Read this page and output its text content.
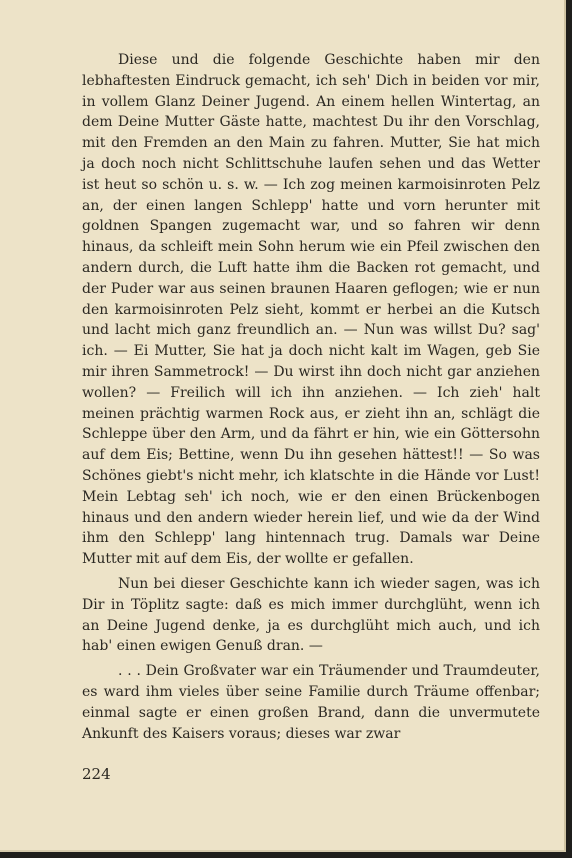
Diese und die folgende Geschichte haben mir den lebhaftesten Eindruck gemacht, ich seh' Dich in beiden vor mir, in vollem Glanz Deiner Jugend. An einem hellen Wintertag, an dem Deine Mutter Gäste hatte, machtest Du ihr den Vorschlag, mit den Fremden an den Main zu fahren. Mutter, Sie hat mich ja doch noch nicht Schlittschuhe laufen sehen und das Wetter ist heut so schön u. s. w. — Ich zog meinen karmoisinroten Pelz an, der einen langen Schlepp' hatte und vorn herunter mit goldnen Spangen zugemacht war, und so fahren wir denn hinaus, da schleift mein Sohn herum wie ein Pfeil zwischen den andern durch, die Luft hatte ihm die Backen rot gemacht, und der Puder war aus seinen braunen Haaren geflogen; wie er nun den karmoisinroten Pelz sieht, kommt er herbei an die Kutsch und lacht mich ganz freundlich an. — Nun was willst Du? sag' ich. — Ei Mutter, Sie hat ja doch nicht kalt im Wagen, geb Sie mir ihren Sammetrock! — Du wirst ihn doch nicht gar anziehen wollen? — Freilich will ich ihn anziehen. — Ich zieh' halt meinen prächtig warmen Rock aus, er zieht ihn an, schlägt die Schleppe über den Arm, und da fährt er hin, wie ein Göttersohn auf dem Eis; Bettine, wenn Du ihn gesehen hättest!! — So was Schönes giebt's nicht mehr, ich klatschte in die Hände vor Lust! Mein Lebtag seh' ich noch, wie er den einen Brückenbogen hinaus und den andern wieder herein lief, und wie da der Wind ihm den Schlepp' lang hintennach trug. Damals war Deine Mutter mit auf dem Eis, der wollte er gefallen.

Nun bei dieser Geschichte kann ich wieder sagen, was ich Dir in Töplitz sagte: daß es mich immer durchglüht, wenn ich an Deine Jugend denke, ja es durchglüht mich auch, und ich hab' einen ewigen Genuß dran. —

. . . Dein Großvater war ein Träumender und Traumdeuter, es ward ihm vieles über seine Familie durch Träume offenbar; einmal sagte er einen großen Brand, dann die unvermutete Ankunft des Kaisers voraus; dieses war zwar

224
